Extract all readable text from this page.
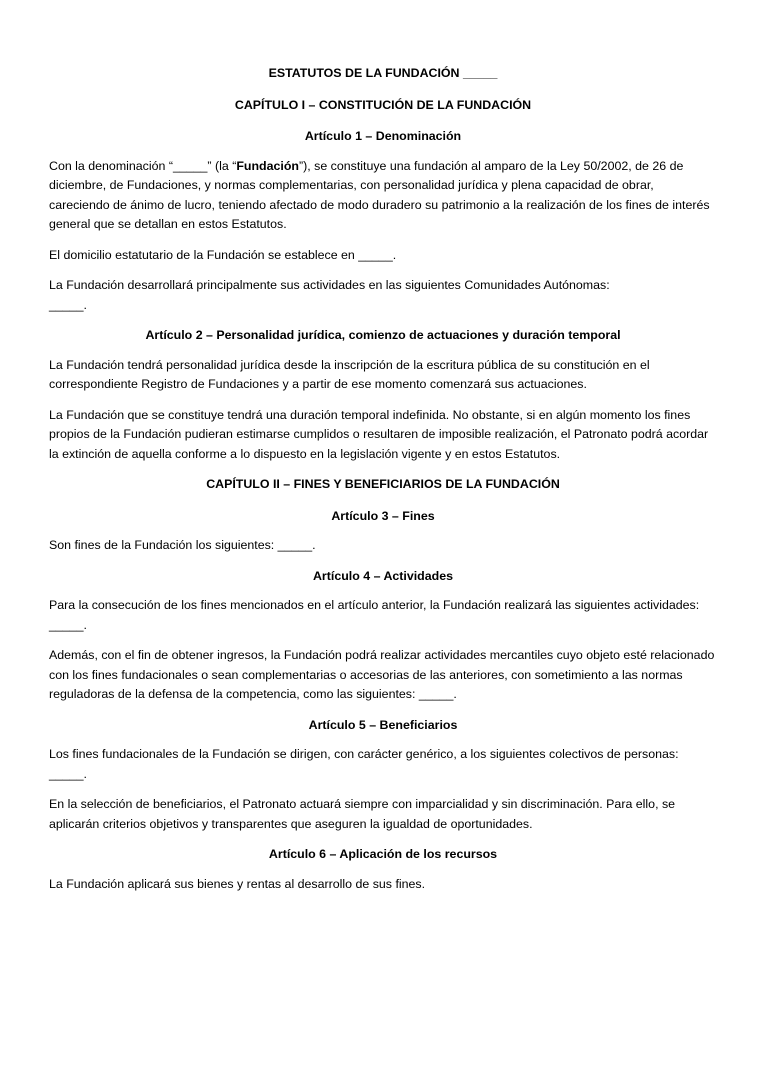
ESTATUTOS DE LA FUNDACIÓN _____

CAPÍTULO I – CONSTITUCIÓN DE LA FUNDACIÓN

Artículo 1 – Denominación

Con la denominación “_____” (la “Fundación”), se constituye una fundación al amparo de la Ley 50/2002, de 26 de diciembre, de Fundaciones, y normas complementarias, con personalidad jurídica y plena capacidad de obrar, careciendo de ánimo de lucro, teniendo afectado de modo duradero su patrimonio a la realización de los fines de interés general que se detallan en estos Estatutos.

El domicilio estatutario de la Fundación se establece en _____.

La Fundación desarrollará principalmente sus actividades en las siguientes Comunidades Autónomas: _____.

Artículo 2 – Personalidad jurídica, comienzo de actuaciones y duración temporal

La Fundación tendrá personalidad jurídica desde la inscripción de la escritura pública de su constitución en el correspondiente Registro de Fundaciones y a partir de ese momento comenzará sus actuaciones.

La Fundación que se constituye tendrá una duración temporal indefinida. No obstante, si en algún momento los fines propios de la Fundación pudieran estimarse cumplidos o resultaren de imposible realización, el Patronato podrá acordar la extinción de aquella conforme a lo dispuesto en la legislación vigente y en estos Estatutos.

CAPÍTULO II – FINES Y BENEFICIARIOS DE LA FUNDACIÓN

Artículo 3 – Fines

Son fines de la Fundación los siguientes: _____.

Artículo 4 – Actividades

Para la consecución de los fines mencionados en el artículo anterior, la Fundación realizará las siguientes actividades: _____.

Además, con el fin de obtener ingresos, la Fundación podrá realizar actividades mercantiles cuyo objeto esté relacionado con los fines fundacionales o sean complementarias o accesorias de las anteriores, con sometimiento a las normas reguladoras de la defensa de la competencia, como las siguientes: _____.

Artículo 5 – Beneficiarios

Los fines fundacionales de la Fundación se dirigen, con carácter genérico, a los siguientes colectivos de personas: _____.

En la selección de beneficiarios, el Patronato actuará siempre con imparcialidad y sin discriminación. Para ello, se aplicarán criterios objetivos y transparentes que aseguren la igualdad de oportunidades.

Artículo 6 – Aplicación de los recursos

La Fundación aplicará sus bienes y rentas al desarrollo de sus fines.
